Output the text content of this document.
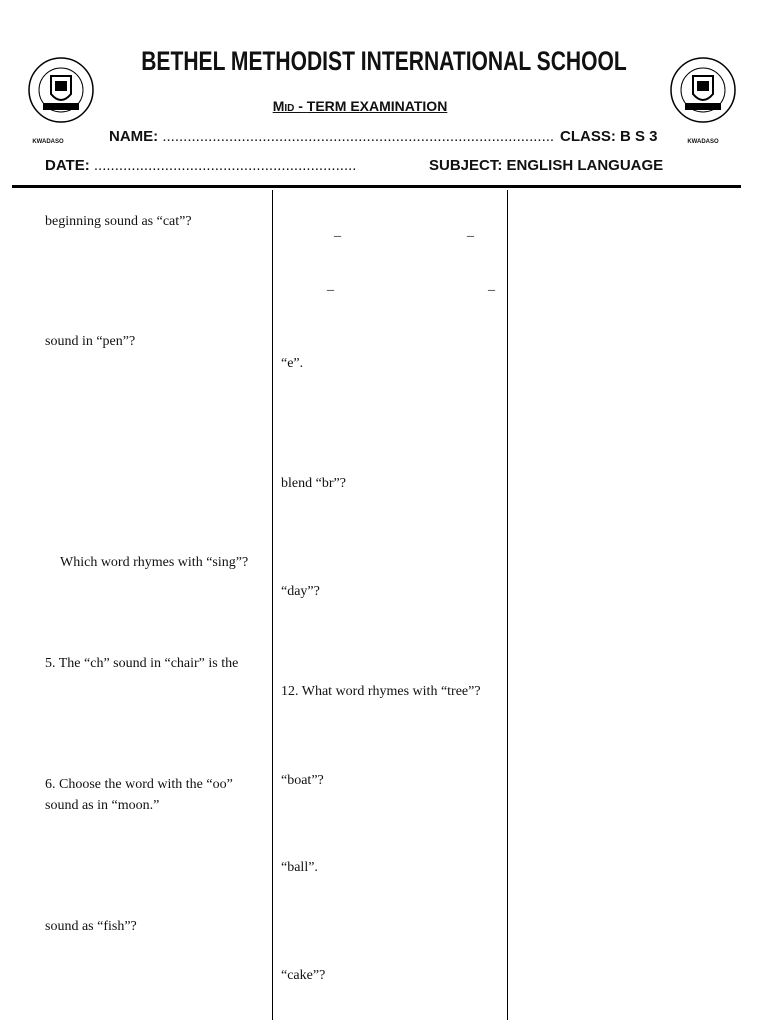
KWADASO	KWADASO
BETHEL METHODIST INTERNATIONAL SCHOOL
Mid - TERM EXAMINATION
NAME: .............................................................................................. CLASS: B S 3
DATE: ...............................................................	SUBJECT: ENGLISH LANGUAGE
beginning sound as “cat”?
sound in “pen”?
Which word rhymes with “sing”?
5. The “ch” sound in “chair” is the
6. Choose the word with the “oo”
sound as in “moon.”
sound as “fish”?
_	_
_	_
“e”.
blend “br”?
“day”?
12. What word rhymes with “tree”?
“boat”?
“ball”.
“cake”?
